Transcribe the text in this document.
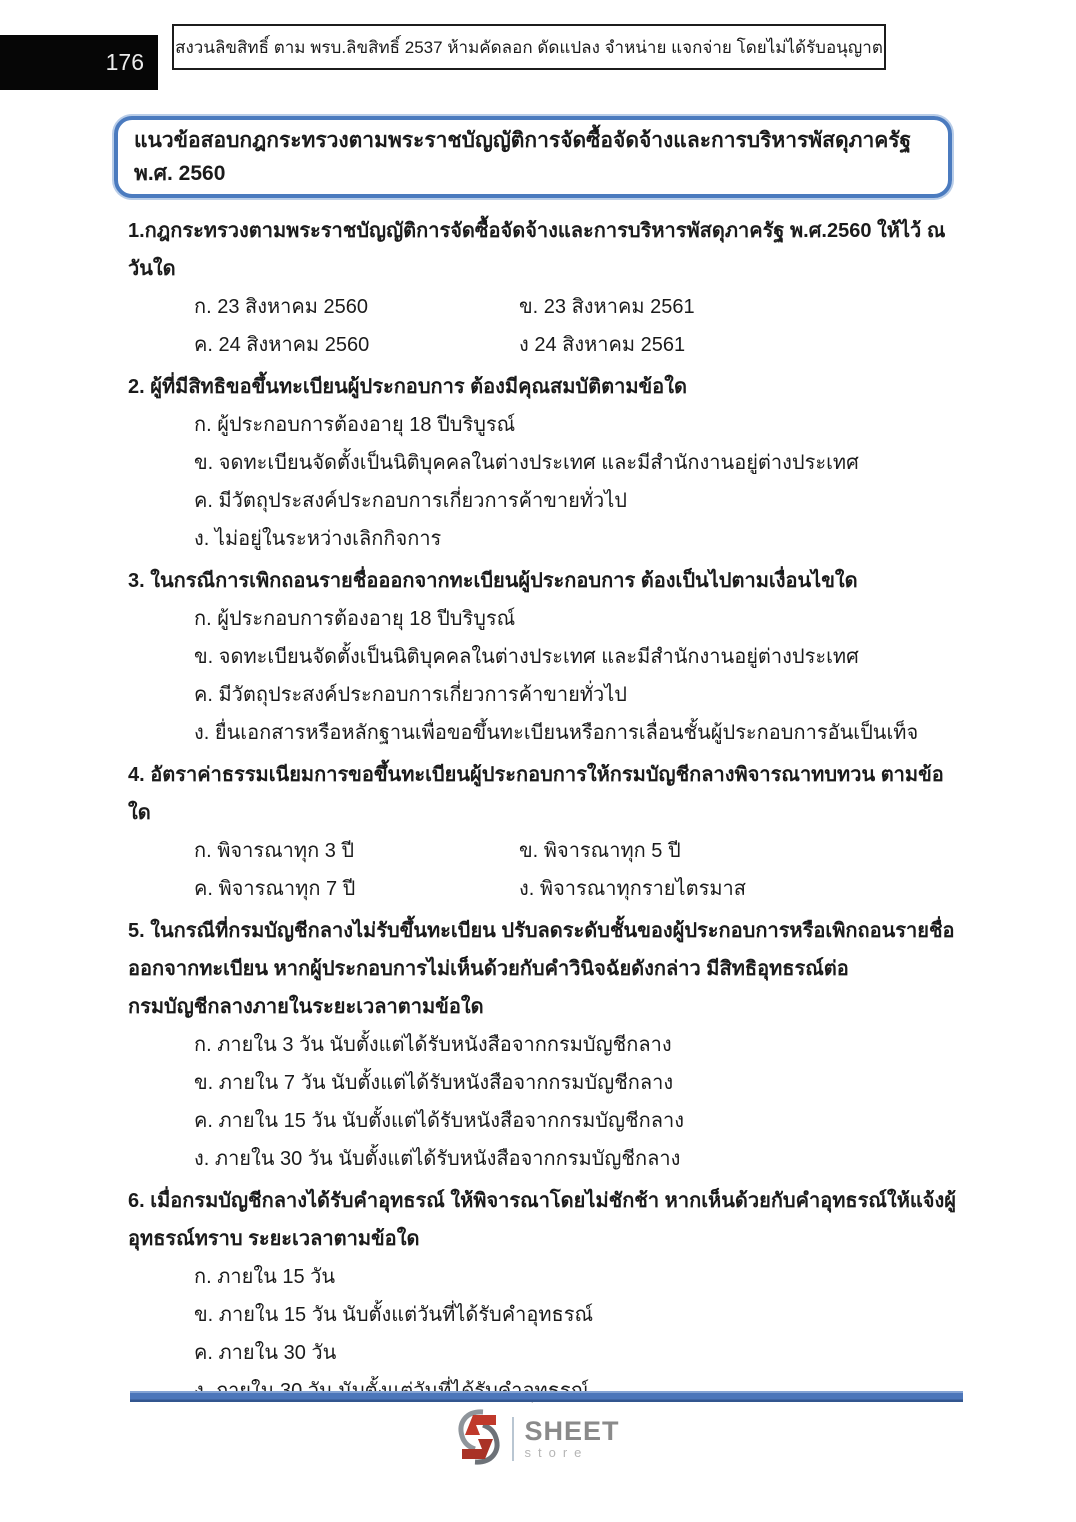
176
สงวนลิขสิทธิ์ ตาม พรบ.ลิขสิทธิ์ 2537 ห้ามคัดลอก ดัดแปลง จำหน่าย แจกจ่าย โดยไม่ได้รับอนุญาต
แนวข้อสอบกฎกระทรวงตามพระราชบัญญัติการจัดซื้อจัดจ้างและการบริหารพัสดุภาครัฐ พ.ศ. 2560
1.กฎกระทรวงตามพระราชบัญญัติการจัดซื้อจัดจ้างและการบริหารพัสดุภาครัฐ พ.ศ.2560 ให้ไว้ ณ
วันใด
ก. 23 สิงหาคม 2560	ข. 23 สิงหาคม 2561
ค. 24 สิงหาคม 2560	ง 24 สิงหาคม 2561
2. ผู้ที่มีสิทธิขอขึ้นทะเบียนผู้ประกอบการ ต้องมีคุณสมบัติตามข้อใด
ก. ผู้ประกอบการต้องอายุ 18 ปีบริบูรณ์
ข. จดทะเบียนจัดตั้งเป็นนิติบุคคลในต่างประเทศ และมีสำนักงานอยู่ต่างประเทศ
ค. มีวัตถุประสงค์ประกอบการเกี่ยวการค้าขายทั่วไป
ง. ไม่อยู่ในระหว่างเลิกกิจการ
3. ในกรณีการเพิกถอนรายชื่อออกจากทะเบียนผู้ประกอบการ ต้องเป็นไปตามเงื่อนไขใด
ก. ผู้ประกอบการต้องอายุ 18 ปีบริบูรณ์
ข. จดทะเบียนจัดตั้งเป็นนิติบุคคลในต่างประเทศ และมีสำนักงานอยู่ต่างประเทศ
ค. มีวัตถุประสงค์ประกอบการเกี่ยวการค้าขายทั่วไป
ง. ยื่นเอกสารหรือหลักฐานเพื่อขอขึ้นทะเบียนหรือการเลื่อนชั้นผู้ประกอบการอันเป็นเท็จ
4. อัตราค่าธรรมเนียมการขอขึ้นทะเบียนผู้ประกอบการให้กรมบัญชีกลางพิจารณาทบทวน ตามข้อใด
ก. พิจารณาทุก 3 ปี	ข. พิจารณาทุก 5 ปี
ค. พิจารณาทุก 7 ปี	ง. พิจารณาทุกรายไตรมาส
5. ในกรณีที่กรมบัญชีกลางไม่รับขึ้นทะเบียน ปรับลดระดับชั้นของผู้ประกอบการหรือเพิกถอนรายชื่อ
ออกจากทะเบียน หากผู้ประกอบการไม่เห็นด้วยกับคำวินิจฉัยดังกล่าว มีสิทธิอุทธรณ์ต่อ
กรมบัญชีกลางภายในระยะเวลาตามข้อใด
ก. ภายใน 3 วัน นับตั้งแต่ได้รับหนังสือจากกรมบัญชีกลาง
ข. ภายใน 7 วัน นับตั้งแต่ได้รับหนังสือจากกรมบัญชีกลาง
ค. ภายใน 15 วัน นับตั้งแต่ได้รับหนังสือจากกรมบัญชีกลาง
ง. ภายใน 30 วัน นับตั้งแต่ได้รับหนังสือจากกรมบัญชีกลาง
6. เมื่อกรมบัญชีกลางได้รับคำอุทธรณ์ ให้พิจารณาโดยไม่ชักช้า หากเห็นด้วยกับคำอุทธรณ์ให้แจ้งผู้
อุทธรณ์ทราบ ระยะเวลาตามข้อใด
ก. ภายใน 15 วัน
ข. ภายใน 15 วัน นับตั้งแต่วันที่ได้รับคำอุทธรณ์
ค. ภายใน 30 วัน
SHEET
store
